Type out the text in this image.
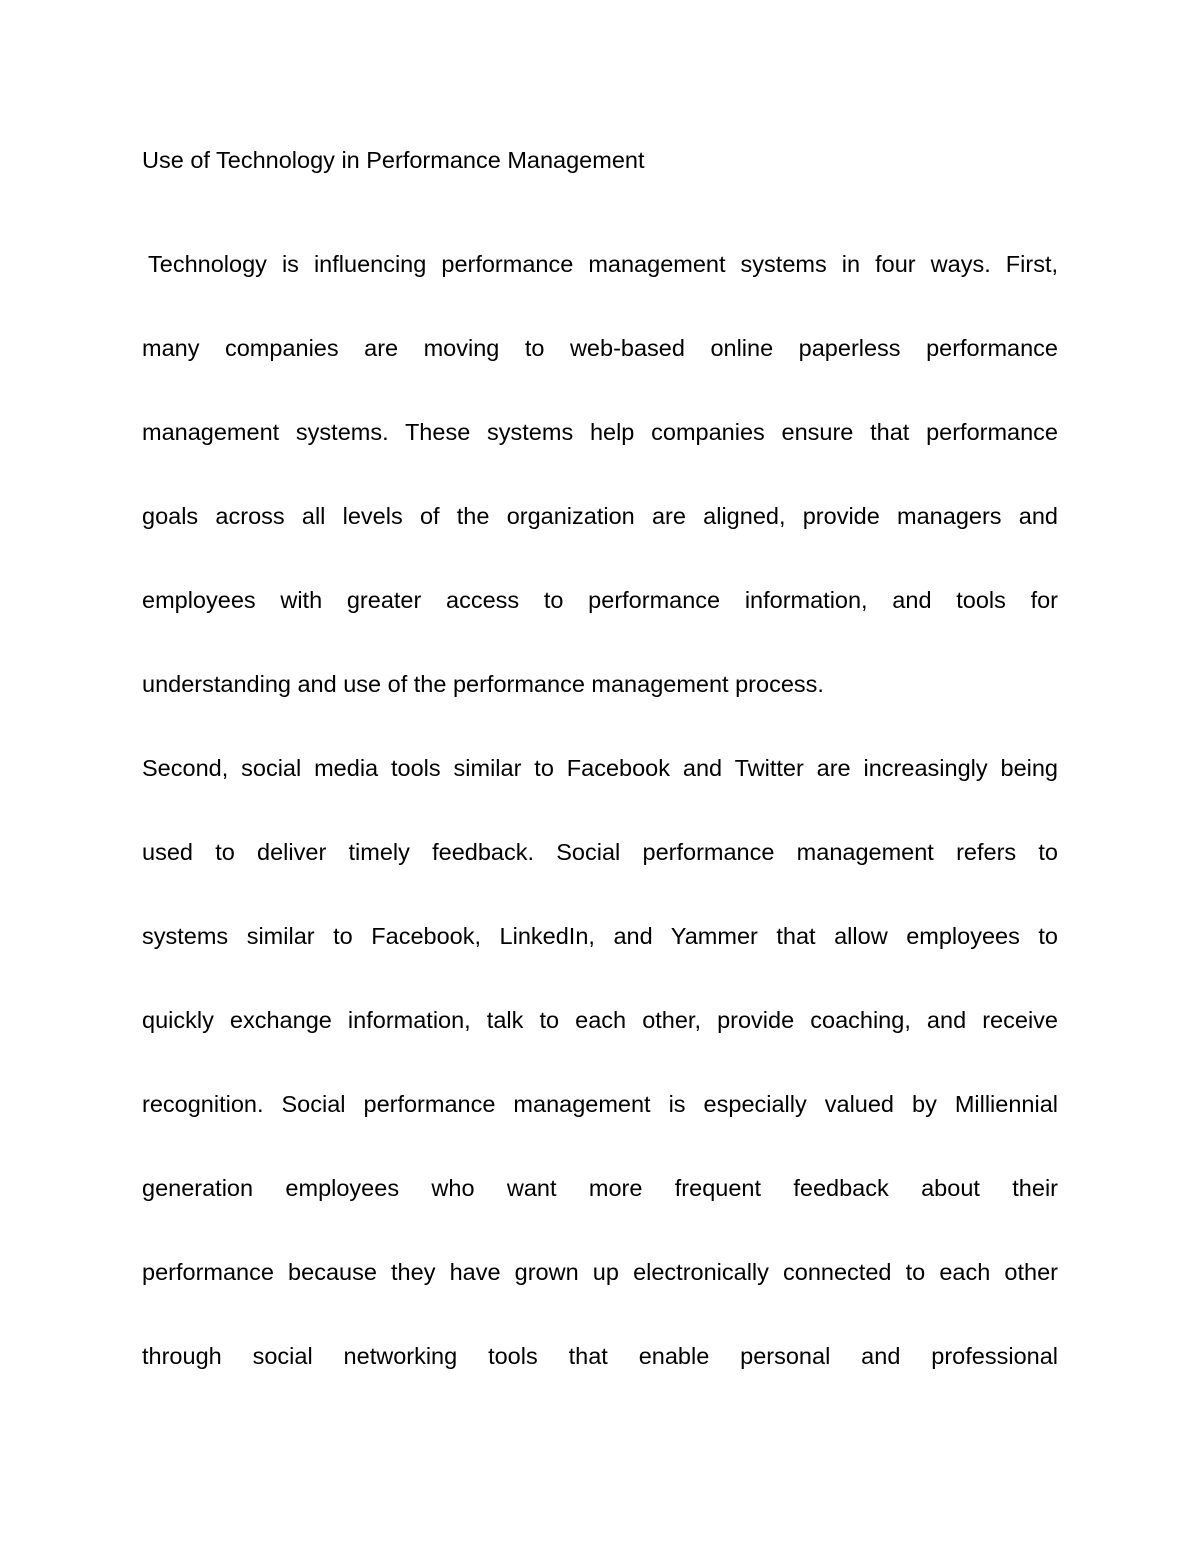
Use of Technology in Performance Management
Technology is influencing performance management systems in four ways. First,
many companies are moving to web-based online paperless performance
management systems. These systems help companies ensure that performance
goals across all levels of the organization are aligned, provide managers and
employees with greater access to performance information, and tools for
understanding and use of the performance management process.
Second, social media tools similar to Facebook and Twitter are increasingly being
used to deliver timely feedback. Social performance management refers to
systems similar to Facebook, LinkedIn, and Yammer that allow employees to
quickly exchange information, talk to each other, provide coaching, and receive
recognition. Social performance management is especially valued by Milliennial
generation employees who want more frequent feedback about their
performance because they have grown up electronically connected to each other
through social networking tools that enable personal and professional
